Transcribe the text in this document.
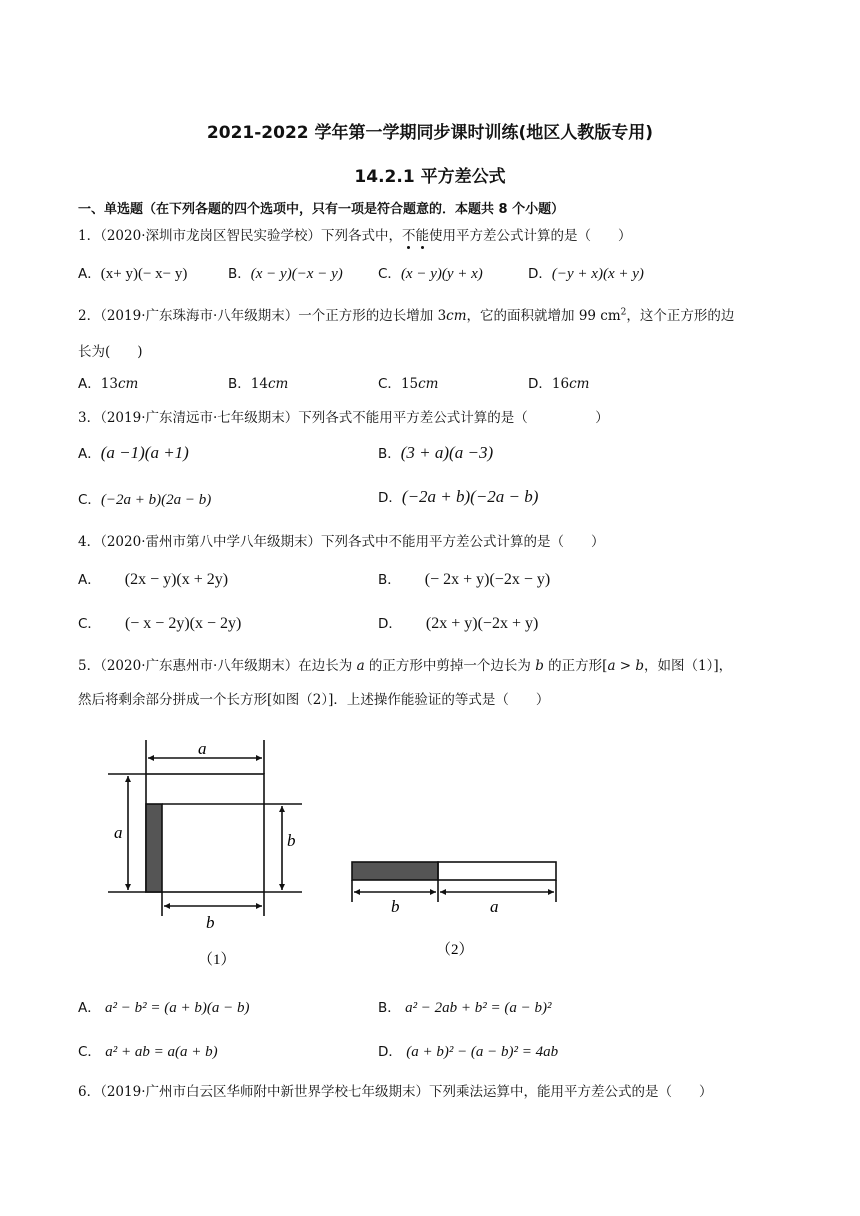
2021-2022 学年第一学期同步课时训练(地区人教版专用)
14.2.1 平方差公式
一、单选题（在下列各题的四个选项中，只有一项是符合题意的．本题共 8 个小题）
1．（2020·深圳市龙岗区智民实验学校）下列各式中，不能使用平方差公式计算的是（　　）
A．(x+ y)(− x− y)	B．(x − y)(−x − y)	C．(x − y)(y + x)	D．(−y + x)(x + y)
2．（2019·广东珠海市·八年级期末）一个正方形的边长增加 3cm，它的面积就增加 99 $cm^2$，这个正方形的边
长为(　　)
A．13cm	B．14cm	C．15cm	D．16cm
3．（2019·广东清远市·七年级期末）下列各式不能用平方差公式计算的是（　　　　　）
A．(a −1)(a +1)	B．(3 + a)(a −3)
C．(−2a + b)(2a − b)	D．(−2a + b)(−2a − b)
4．（2020·雷州市第八中学八年级期末）下列各式中不能用平方差公式计算的是（　　）
A． (2x − y)(x + 2y)	B． (− 2x + y)(−2x − y)
C． (− x − 2y)(x − 2y)	D． (2x + y)(−2x + y)
5．（2020·广东惠州市·八年级期末）在边长为 a 的正方形中剪掉一个边长为 b 的正方形[a > b，如图（1）]，
然后将剩余部分拼成一个长方形[如图（2）]．上述操作能验证的等式是（　　）
a
a	b
b
（1）
b	a
（2）
A． a² − b² = (a + b)(a − b)	B． a² − 2ab + b² = (a − b)²
C． a² + ab = a(a + b)	D． (a + b)² − (a − b)² = 4ab
6．（2019·广州市白云区华师附中新世界学校七年级期末）下列乘法运算中，能用平方差公式的是（　　）
